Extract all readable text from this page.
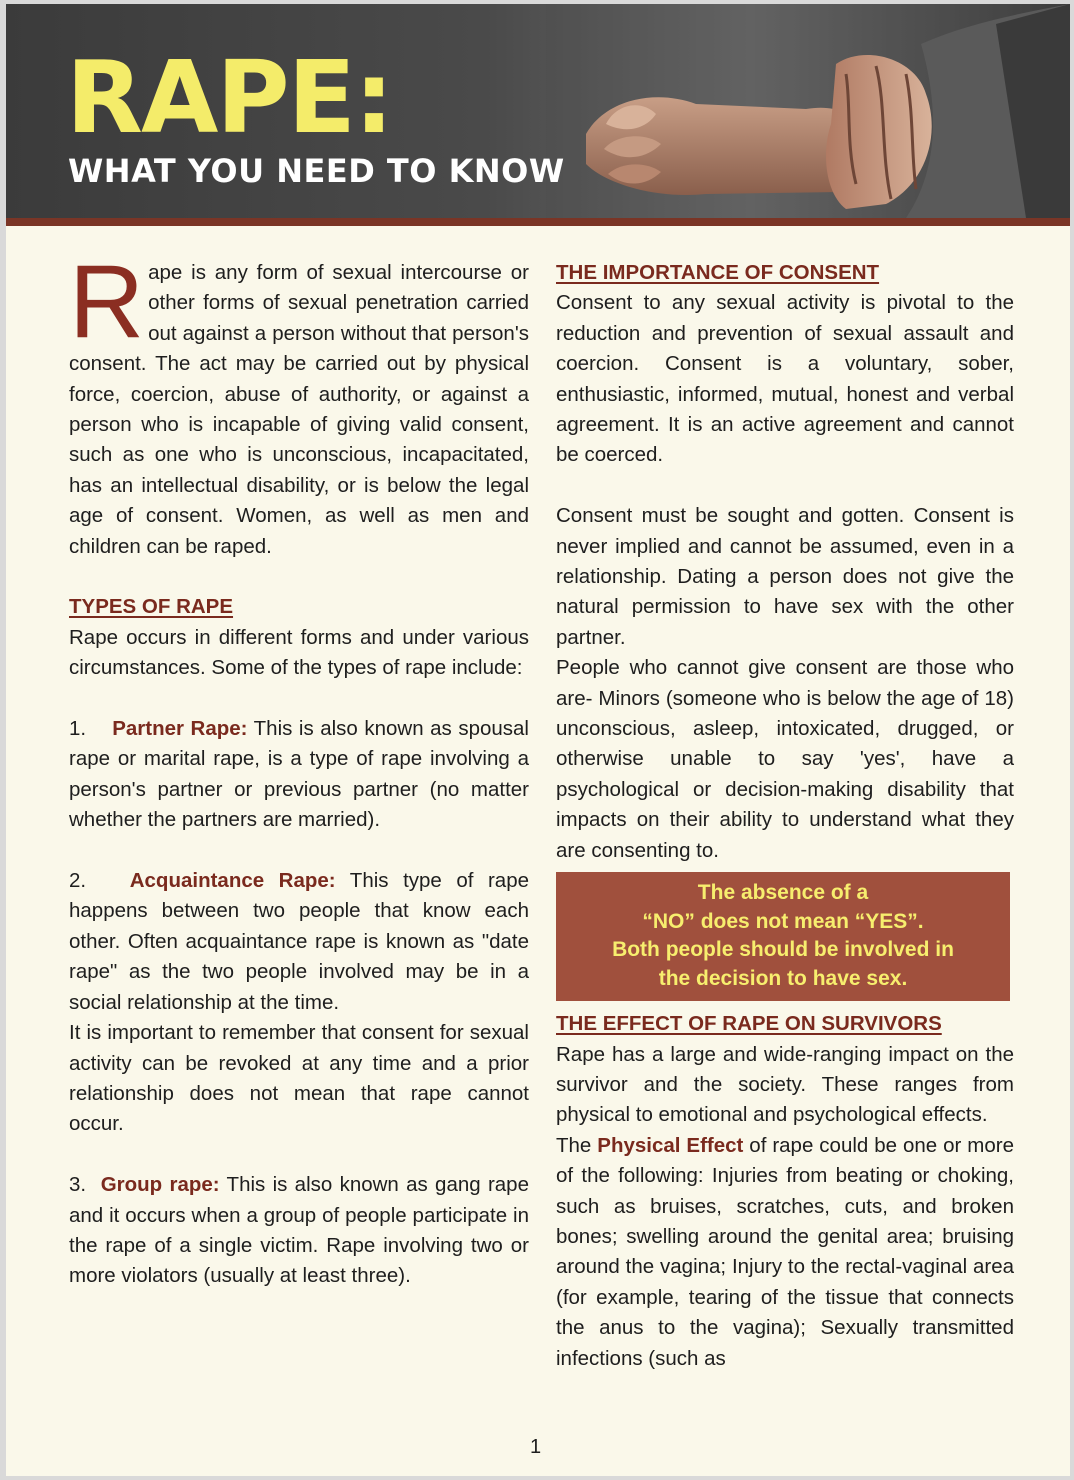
RAPE:
WHAT YOU NEED TO KNOW

Rape is any form of sexual intercourse or other forms of sexual penetration carried out against a person without that person's consent. The act may be carried out by physical force, coercion, abuse of authority, or against a person who is incapable of giving valid consent, such as one who is unconscious, incapacitated, has an intellectual disability, or is below the legal age of consent. Women, as well as men and children can be raped.

TYPES OF RAPE

Rape occurs in different forms and under various circumstances. Some of the types of rape include:

1. Partner Rape: This is also known as spousal rape or marital rape, is a type of rape involving a person's partner or previous partner (no matter whether the partners are married).

2. Acquaintance Rape: This type of rape happens between two people that know each other. Often acquaintance rape is known as "date rape" as the two people involved may be in a social relationship at the time.

It is important to remember that consent for sexual activity can be revoked at any time and a prior relationship does not mean that rape cannot occur.

3. Group rape: This is also known as gang rape and it occurs when a group of people participate in the rape of a single victim. Rape involving two or more violators (usually at least three).

THE IMPORTANCE OF CONSENT

Consent to any sexual activity is pivotal to the reduction and prevention of sexual assault and coercion. Consent is a voluntary, sober, enthusiastic, informed, mutual, honest and verbal agreement. It is an active agreement and cannot be coerced.

Consent must be sought and gotten. Consent is never implied and cannot be assumed, even in a relationship. Dating a person does not give the natural permission to have sex with the other partner.

People who cannot give consent are those who are- Minors (someone who is below the age of 18) unconscious, asleep, intoxicated, drugged, or otherwise unable to say 'yes', have a psychological or decision-making disability that impacts on their ability to understand what they are consenting to.

The absence of a
“NO” does not mean “YES”.
Both people should be involved in
the decision to have sex.

THE EFFECT OF RAPE ON SURVIVORS

Rape has a large and wide-ranging impact on the survivor and the society. These ranges from physical to emotional and psychological effects.

The Physical Effect of rape could be one or more of the following: Injuries from beating or choking, such as bruises, scratches, cuts, and broken bones; swelling around the genital area; bruising around the vagina; Injury to the rectal-vaginal area (for example, tearing of the tissue that connects the anus to the vagina); Sexually transmitted infections (such as

1
